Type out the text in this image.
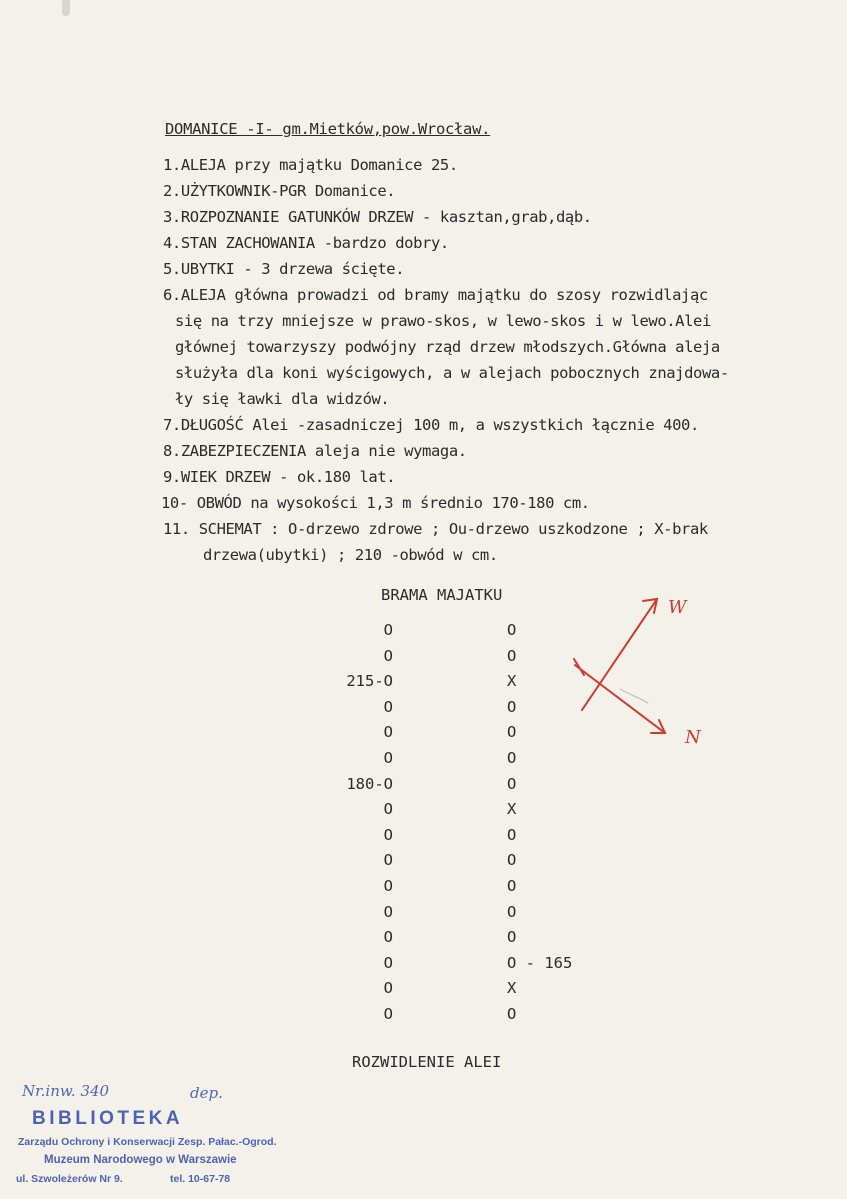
DOMANICE -I- gm.Mietków,pow.Wrocław.
1.ALEJA przy majątku Domanice 25.
2.UŻYTKOWNIK-PGR Domanice.
3.ROZPOZNANIE GATUNKÓW DRZEW - kasztan,grab,dąb.
4.STAN ZACHOWANIA -bardzo dobry.
5.UBYTKI - 3 drzewa ścięte.
6.ALEJA główna prowadzi od bramy majątku do szosy rozwidlając
się na trzy mniejsze w prawo-skos, w lewo-skos i w lewo.Alei
głównej towarzyszy podwójny rząd drzew młodszych.Główna aleja
służyła dla koni wyścigowych, a w alejach pobocznych znajdowa-
ły się ławki dla widzów.
7.DŁUGOŚĆ Alei -zasadniczej 100 m, a wszystkich łącznie 400.
8.ZABEZPIECZENIA aleja nie wymaga.
9.WIEK DRZEW - ok.180 lat.
10- OBWÓD na wysokości 1,3 m średnio 170-180 cm.
11. SCHEMAT : O-drzewo zdrowe ; Ou-drzewo uszkodzone ; X-brak
drzewa(ubytki) ; 210 -obwód w cm.
BRAMA MAJATKU
O	O
O	O
215-O	X
O	O
O	O
O	O
180-O	O
O	X
O	O
O	O
O	O
O	O
O	O
O	O - 165
O	X
O	O
ROZWIDLENIE ALEI
W
N
Nr.inw. 340	dep.
BIBLIOTEKA
Zarządu Ochrony i Konserwacji Zesp. Pałac.-Ogrod.
Muzeum Narodowego w Warszawie
ul. Szwoleżerów Nr 9.	tel. 10-67-78
